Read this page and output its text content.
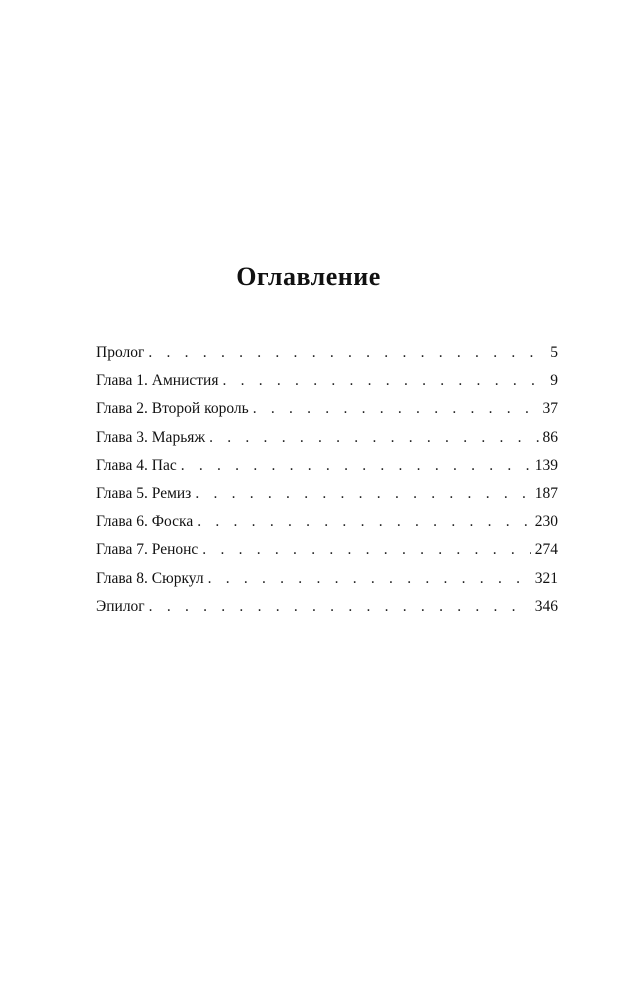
Оглавление
Пролог . . .	5
Глава 1. Амнистия . . .	9
Глава 2. Второй король . . .	37
Глава 3. Марьяж . . .	86
Глава 4. Пас . . .	139
Глава 5. Ремиз . . .	187
Глава 6. Фоска . . .	230
Глава 7. Ренонс . . .	274
Глава 8. Сюркул . . .	321
Эпилог . . .	346
